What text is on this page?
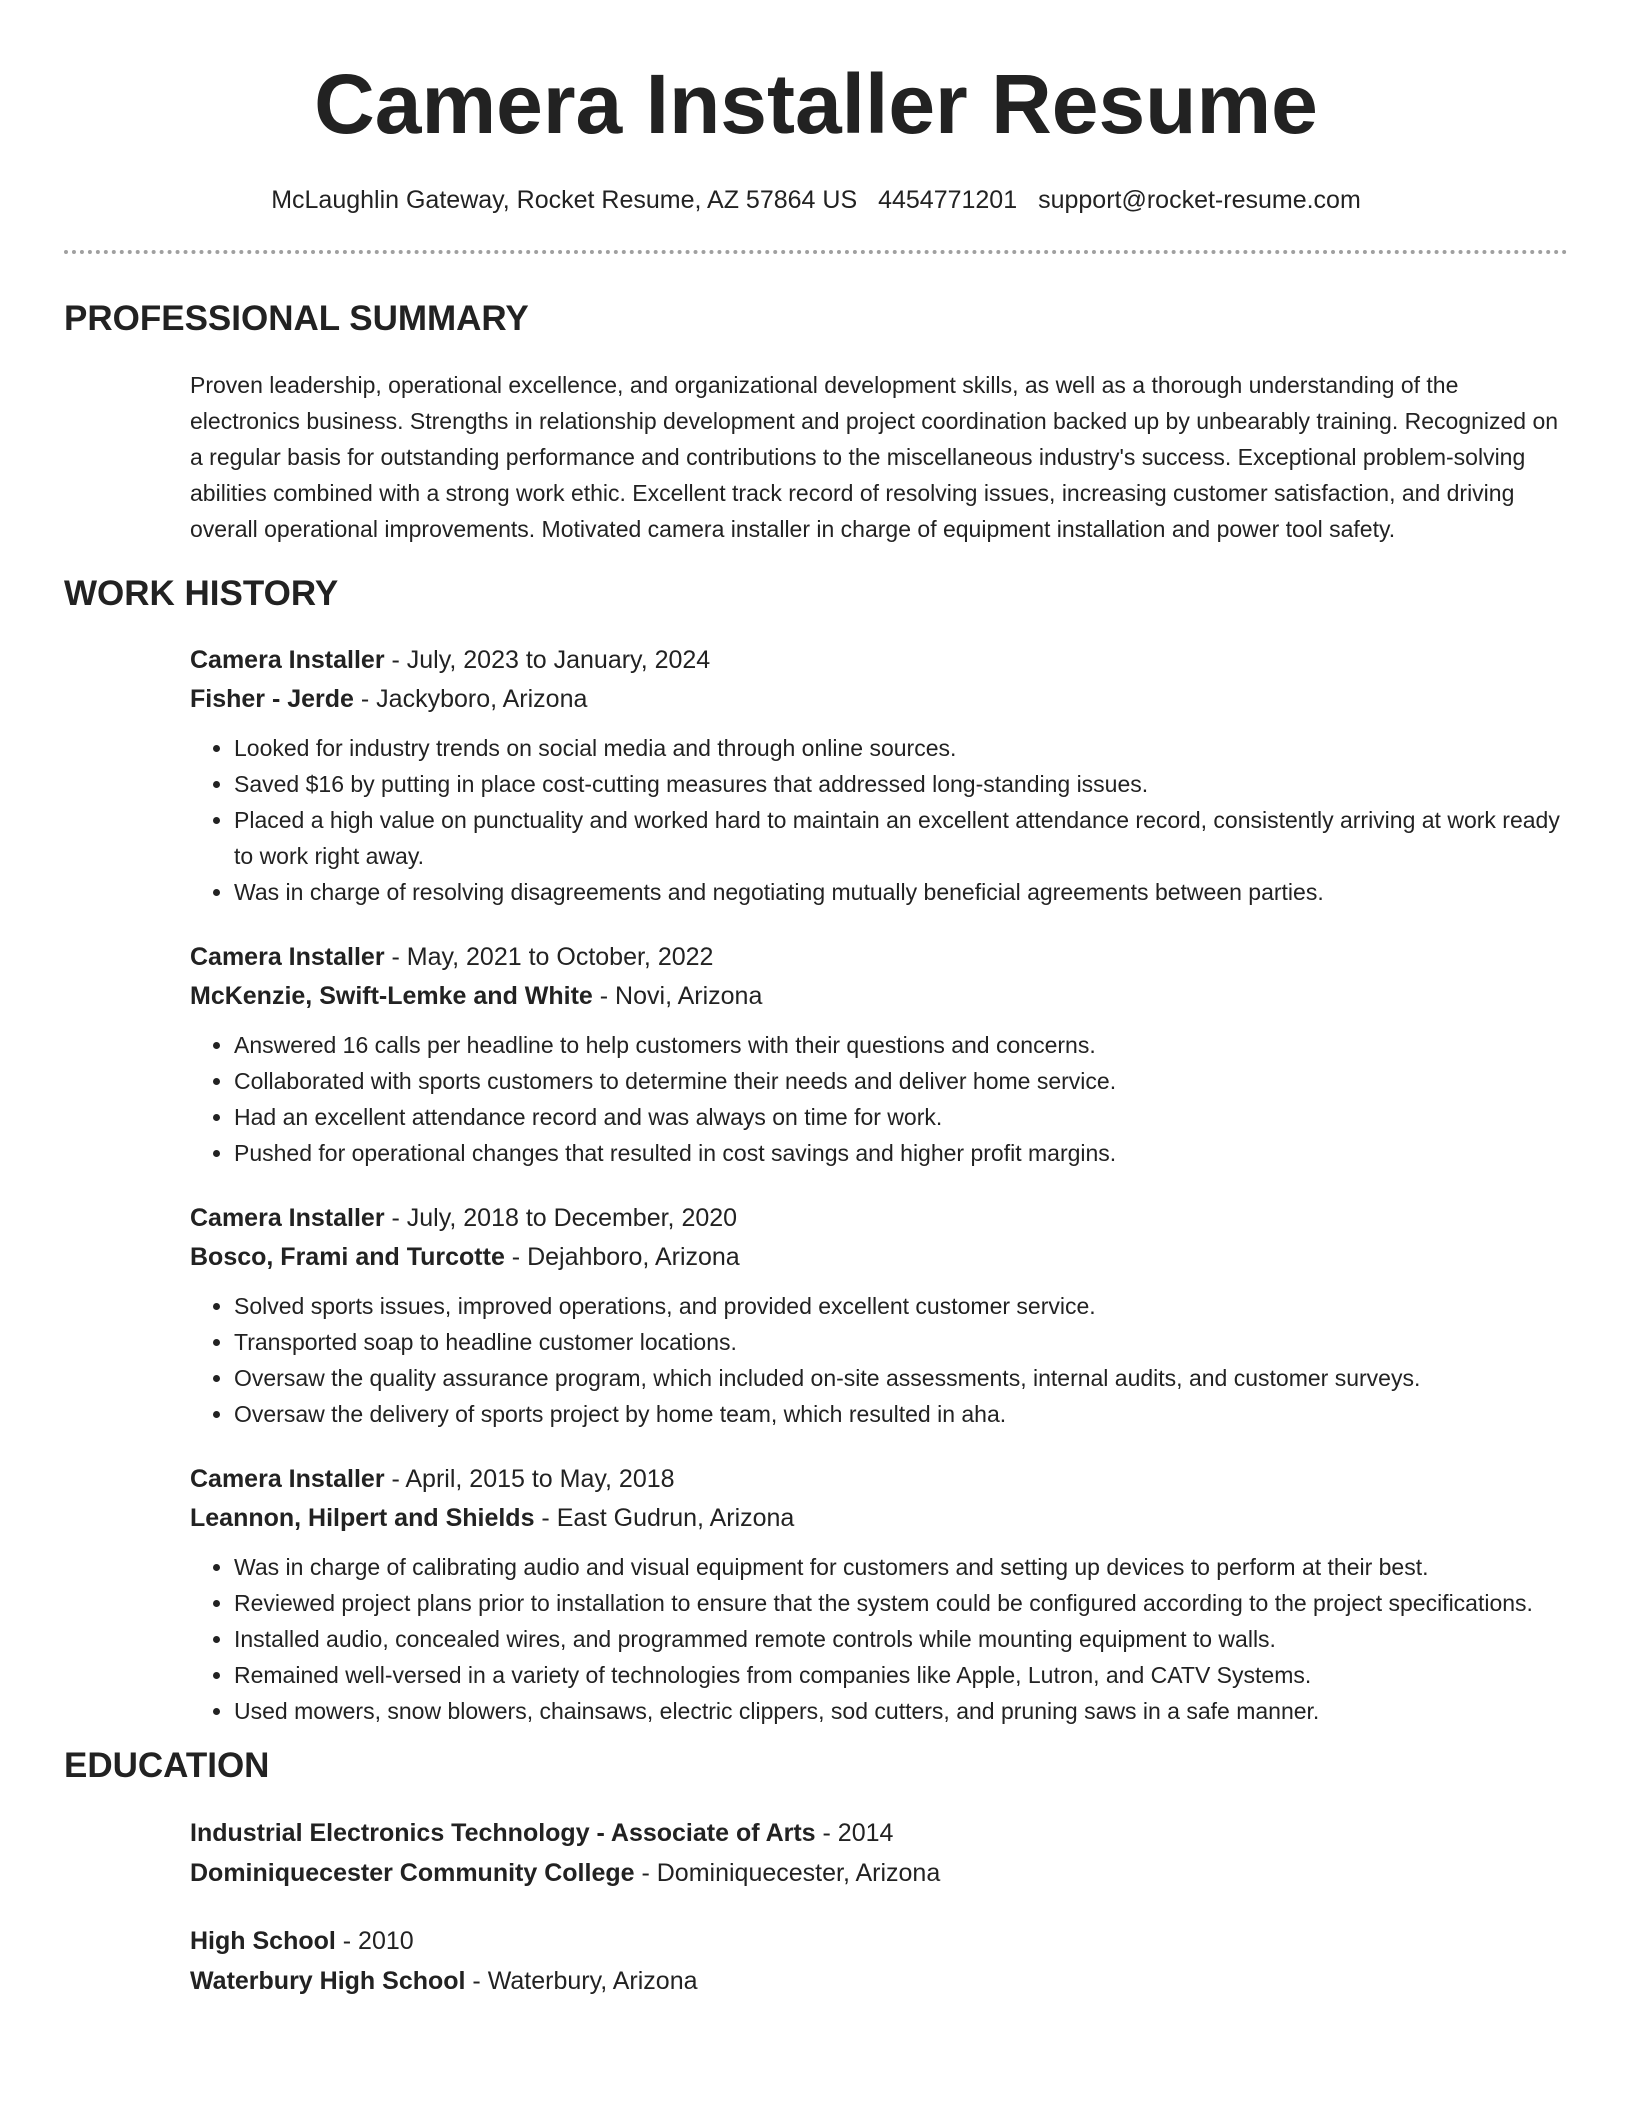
Camera Installer Resume
McLaughlin Gateway, Rocket Resume, AZ 57864 US 4454771201 support@rocket-resume.com
PROFESSIONAL SUMMARY

Proven leadership, operational excellence, and organizational development skills, as well as a thorough understanding of the electronics business. Strengths in relationship development and project coordination backed up by unbearably training. Recognized on a regular basis for outstanding performance and contributions to the miscellaneous industry's success. Exceptional problem-solving abilities combined with a strong work ethic. Excellent track record of resolving issues, increasing customer satisfaction, and driving overall operational improvements. Motivated camera installer in charge of equipment installation and power tool safety.

WORK HISTORY
Camera Installer - July, 2023 to January, 2024
Fisher - Jerde - Jackyboro, Arizona
• Looked for industry trends on social media and through online sources.
• Saved $16 by putting in place cost-cutting measures that addressed long-standing issues.
• Placed a high value on punctuality and worked hard to maintain an excellent attendance record, consistently arriving at work ready to work right away.
• Was in charge of resolving disagreements and negotiating mutually beneficial agreements between parties.
Camera Installer - May, 2021 to October, 2022
McKenzie, Swift-Lemke and White - Novi, Arizona
• Answered 16 calls per headline to help customers with their questions and concerns.
• Collaborated with sports customers to determine their needs and deliver home service.
• Had an excellent attendance record and was always on time for work.
• Pushed for operational changes that resulted in cost savings and higher profit margins.
Camera Installer - July, 2018 to December, 2020
Bosco, Frami and Turcotte - Dejahboro, Arizona
• Solved sports issues, improved operations, and provided excellent customer service.
• Transported soap to headline customer locations.
• Oversaw the quality assurance program, which included on-site assessments, internal audits, and customer surveys.
• Oversaw the delivery of sports project by home team, which resulted in aha.
Camera Installer - April, 2015 to May, 2018
Leannon, Hilpert and Shields - East Gudrun, Arizona
• Was in charge of calibrating audio and visual equipment for customers and setting up devices to perform at their best.
• Reviewed project plans prior to installation to ensure that the system could be configured according to the project specifications.
• Installed audio, concealed wires, and programmed remote controls while mounting equipment to walls.
• Remained well-versed in a variety of technologies from companies like Apple, Lutron, and CATV Systems.
• Used mowers, snow blowers, chainsaws, electric clippers, sod cutters, and pruning saws in a safe manner.
EDUCATION
Industrial Electronics Technology - Associate of Arts - 2014
Dominiquecester Community College - Dominiquecester, Arizona
High School - 2010
Waterbury High School - Waterbury, Arizona
